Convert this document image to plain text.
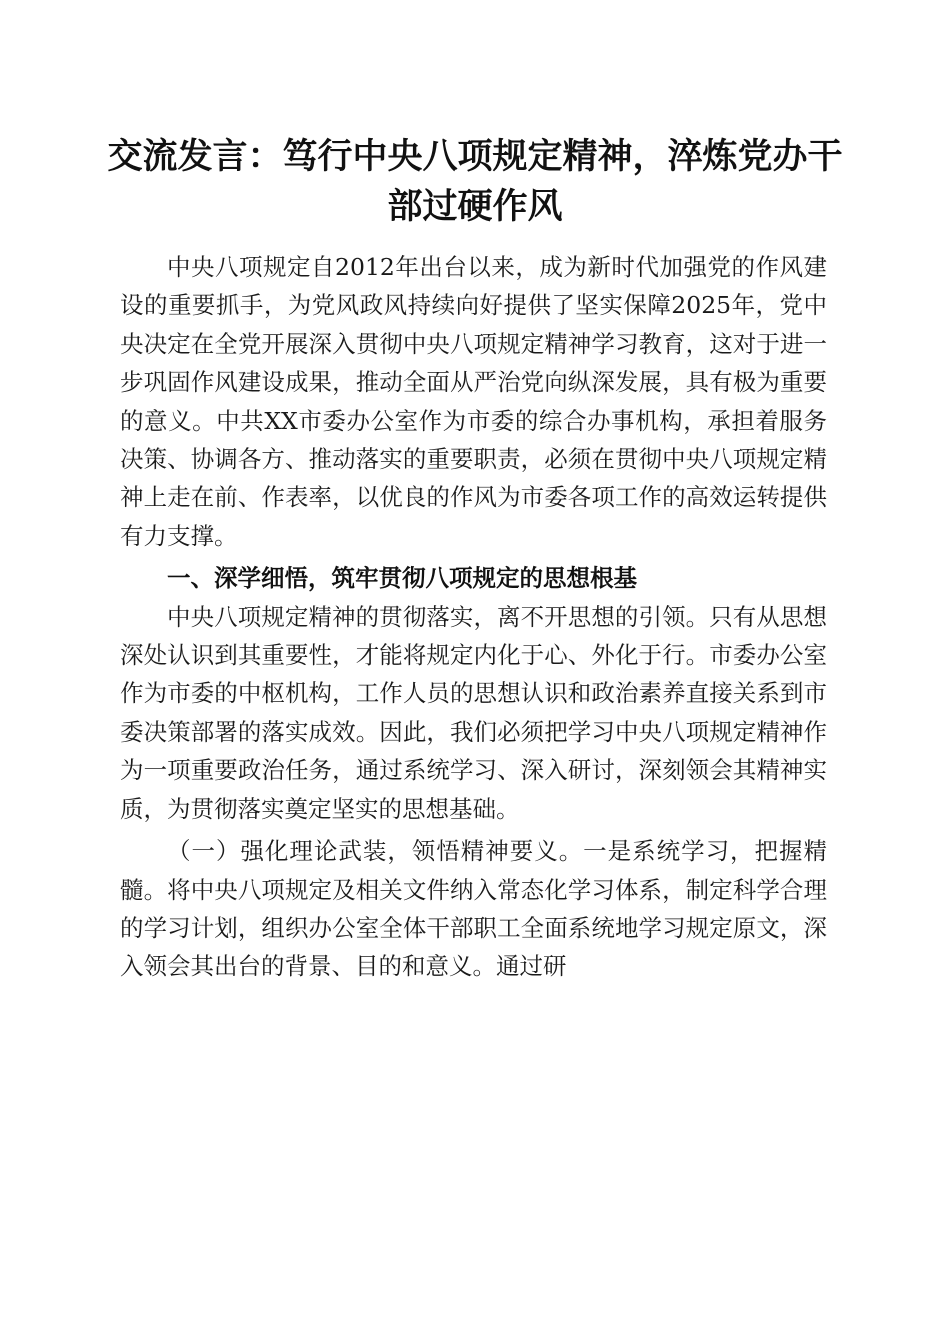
交流发言：笃行中央八项规定精神，淬炼党办干部过硬作风

中央八项规定自2012年出台以来，成为新时代加强党的作风建设的重要抓手，为党风政风持续向好提供了坚实保障2025年，党中央决定在全党开展深入贯彻中央八项规定精神学习教育，这对于进一步巩固作风建设成果，推动全面从严治党向纵深发展，具有极为重要的意义。中共XX市委办公室作为市委的综合办事机构，承担着服务决策、协调各方、推动落实的重要职责，必须在贯彻中央八项规定精神上走在前、作表率，以优良的作风为市委各项工作的高效运转提供有力支撑。

一、深学细悟，筑牢贯彻八项规定的思想根基

中央八项规定精神的贯彻落实，离不开思想的引领。只有从思想深处认识到其重要性，才能将规定内化于心、外化于行。市委办公室作为市委的中枢机构，工作人员的思想认识和政治素养直接关系到市委决策部署的落实成效。因此，我们必须把学习中央八项规定精神作为一项重要政治任务，通过系统学习、深入研讨，深刻领会其精神实质，为贯彻落实奠定坚实的思想基础。

（一）强化理论武装，领悟精神要义。一是系统学习，把握精髓。将中央八项规定及相关文件纳入常态化学习体系，制定科学合理的学习计划，组织办公室全体干部职工全面系统地学习规定原文，深入领会其出台的背景、目的和意义。通过研
